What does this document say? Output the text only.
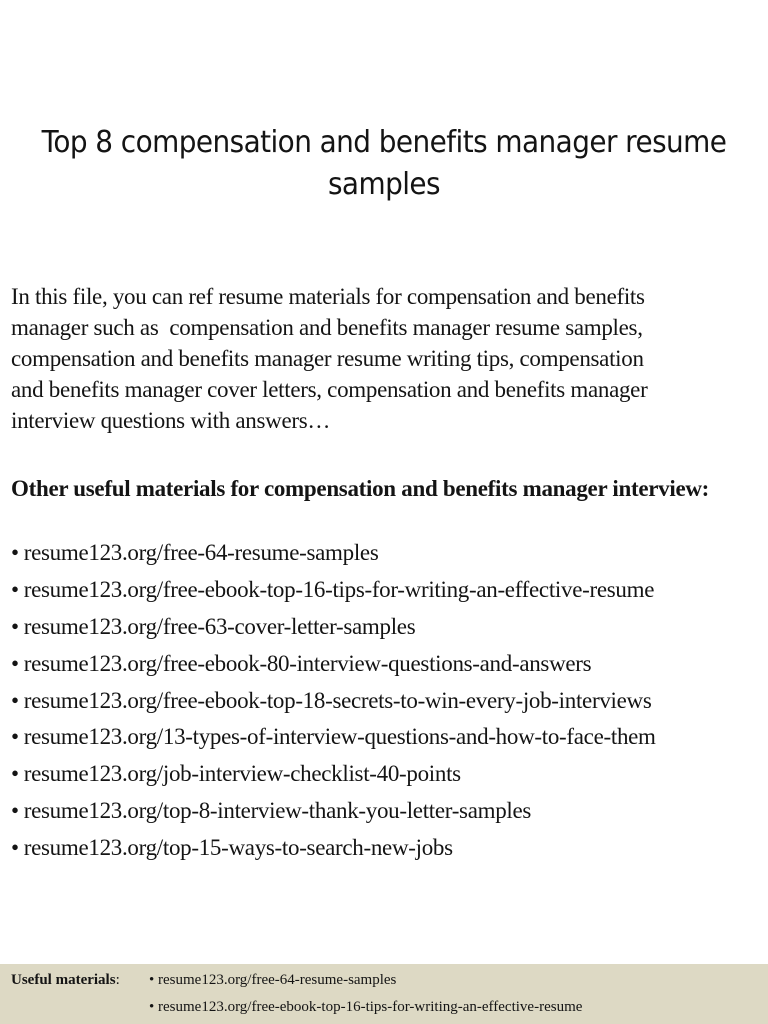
Top 8 compensation and benefits manager resume
samples
In this file, you can ref resume materials for compensation and benefits
manager such as  compensation and benefits manager resume samples,
compensation and benefits manager resume writing tips, compensation
and benefits manager cover letters, compensation and benefits manager
interview questions with answers…
Other useful materials for compensation and benefits manager interview:
• resume123.org/free-64-resume-samples
• resume123.org/free-ebook-top-16-tips-for-writing-an-effective-resume
• resume123.org/free-63-cover-letter-samples
• resume123.org/free-ebook-80-interview-questions-and-answers
• resume123.org/free-ebook-top-18-secrets-to-win-every-job-interviews
• resume123.org/13-types-of-interview-questions-and-how-to-face-them
• resume123.org/job-interview-checklist-40-points
• resume123.org/top-8-interview-thank-you-letter-samples
• resume123.org/top-15-ways-to-search-new-jobs
Useful materials: • resume123.org/free-64-resume-samples
• resume123.org/free-ebook-top-16-tips-for-writing-an-effective-resume
